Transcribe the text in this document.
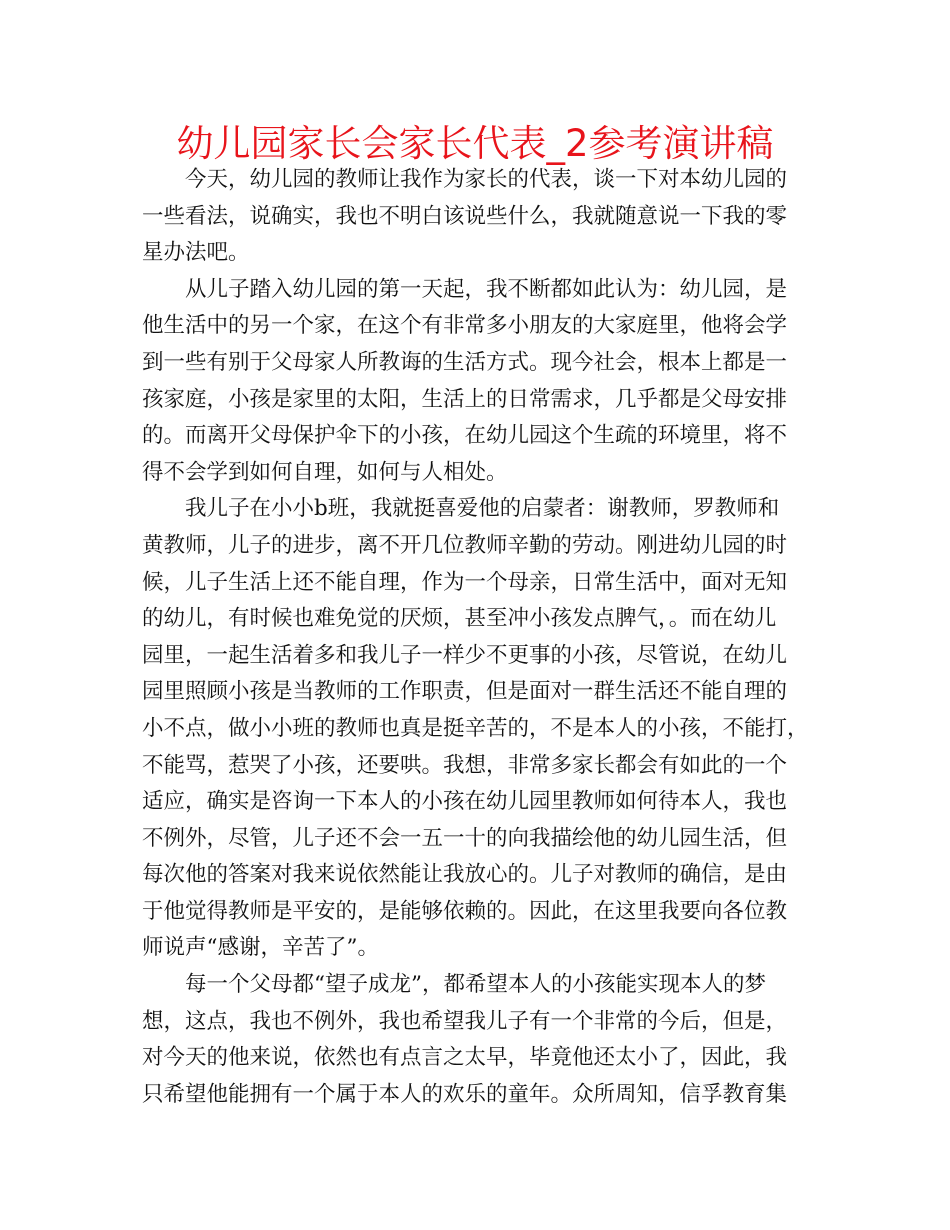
幼儿园家长会家长代表_2参考演讲稿

今天，幼儿园的教师让我作为家长的代表，谈一下对本幼儿园的
一些看法，说确实，我也不明白该说些什么，我就随意说一下我的零
星办法吧。

从儿子踏入幼儿园的第一天起，我不断都如此认为：幼儿园，是
他生活中的另一个家，在这个有非常多小朋友的大家庭里，他将会学
到一些有别于父母家人所教诲的生活方式。现今社会，根本上都是一
孩家庭，小孩是家里的太阳，生活上的日常需求，几乎都是父母安排
的。而离开父母保护伞下的小孩，在幼儿园这个生疏的环境里，将不
得不会学到如何自理，如何与人相处。

我儿子在小小b班，我就挺喜爱他的启蒙者：谢教师，罗教师和
黄教师，儿子的进步，离不开几位教师辛勤的劳动。刚进幼儿园的时
候，儿子生活上还不能自理，作为一个母亲，日常生活中，面对无知
的幼儿，有时候也难免觉的厌烦，甚至冲小孩发点脾气，。而在幼儿
园里，一起生活着多和我儿子一样少不更事的小孩，尽管说，在幼儿
园里照顾小孩是当教师的工作职责，但是面对一群生活还不能自理的
小不点，做小小班的教师也真是挺辛苦的，不是本人的小孩，不能打，
不能骂，惹哭了小孩，还要哄。我想，非常多家长都会有如此的一个
适应，确实是咨询一下本人的小孩在幼儿园里教师如何待本人，我也
不例外，尽管，儿子还不会一五一十的向我描绘他的幼儿园生活，但
每次他的答案对我来说依然能让我放心的。儿子对教师的确信，是由
于他觉得教师是平安的，是能够依赖的。因此，在这里我要向各位教
师说声“感谢，辛苦了”。

每一个父母都“望子成龙”，都希望本人的小孩能实现本人的梦
想，这点，我也不例外，我也希望我儿子有一个非常的今后，但是，
对今天的他来说，依然也有点言之太早，毕竟他还太小了，因此，我
只希望他能拥有一个属于本人的欢乐的童年。众所周知，信孚教育集
